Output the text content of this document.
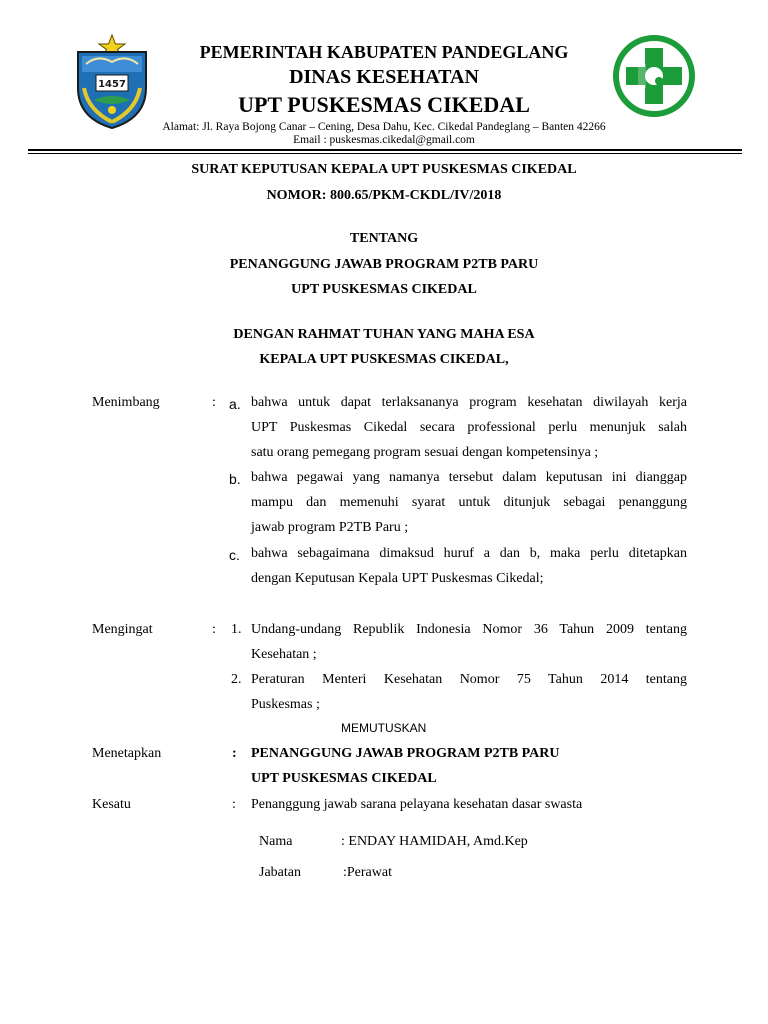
1457
PEMERINTAH KABUPATEN PANDEGLANG
DINAS KESEHATAN
UPT PUSKESMAS CIKEDAL
Alamat: Jl. Raya Bojong Canar – Cening, Desa Dahu, Kec. Cikedal Pandeglang – Banten 42266
Email : puskesmas.cikedal@gmail.com
SURAT KEPUTUSAN KEPALA UPT PUSKESMAS CIKEDAL
NOMOR: 800.65/PKM-CKDL/IV/2018
TENTANG
PENANGGUNG JAWAB PROGRAM P2TB PARU
UPT PUSKESMAS CIKEDAL
DENGAN RAHMAT TUHAN YANG MAHA ESA
KEPALA UPT PUSKESMAS CIKEDAL,
Menimbang	: a. bahwa untuk dapat terlaksananya program kesehatan diwilayah kerja
UPT Puskesmas Cikedal secara professional perlu menunjuk salah
satu orang pemegang program sesuai dengan kompetensinya ;
b. bahwa pegawai yang namanya tersebut dalam keputusan ini dianggap
mampu dan memenuhi syarat untuk ditunjuk sebagai penanggung
jawab program P2TB Paru ;
c. bahwa sebagaimana dimaksud huruf a dan b, maka perlu ditetapkan
dengan Keputusan Kepala UPT Puskesmas Cikedal;
Mengingat	: 1. Undang-undang Republik Indonesia Nomor 36 Tahun 2009 tentang
Kesehatan ;
2. Peraturan Menteri Kesehatan Nomor 75 Tahun 2014 tentang
Puskesmas ;
MEMUTUSKAN
Menetapkan	: PENANGGUNG JAWAB PROGRAM P2TB PARU
UPT PUSKESMAS CIKEDAL
Kesatu	: Penanggung jawab sarana pelayana kesehatan dasar swasta
Nama	: ENDAY HAMIDAH, Amd.Kep
Jabatan	:Perawat
